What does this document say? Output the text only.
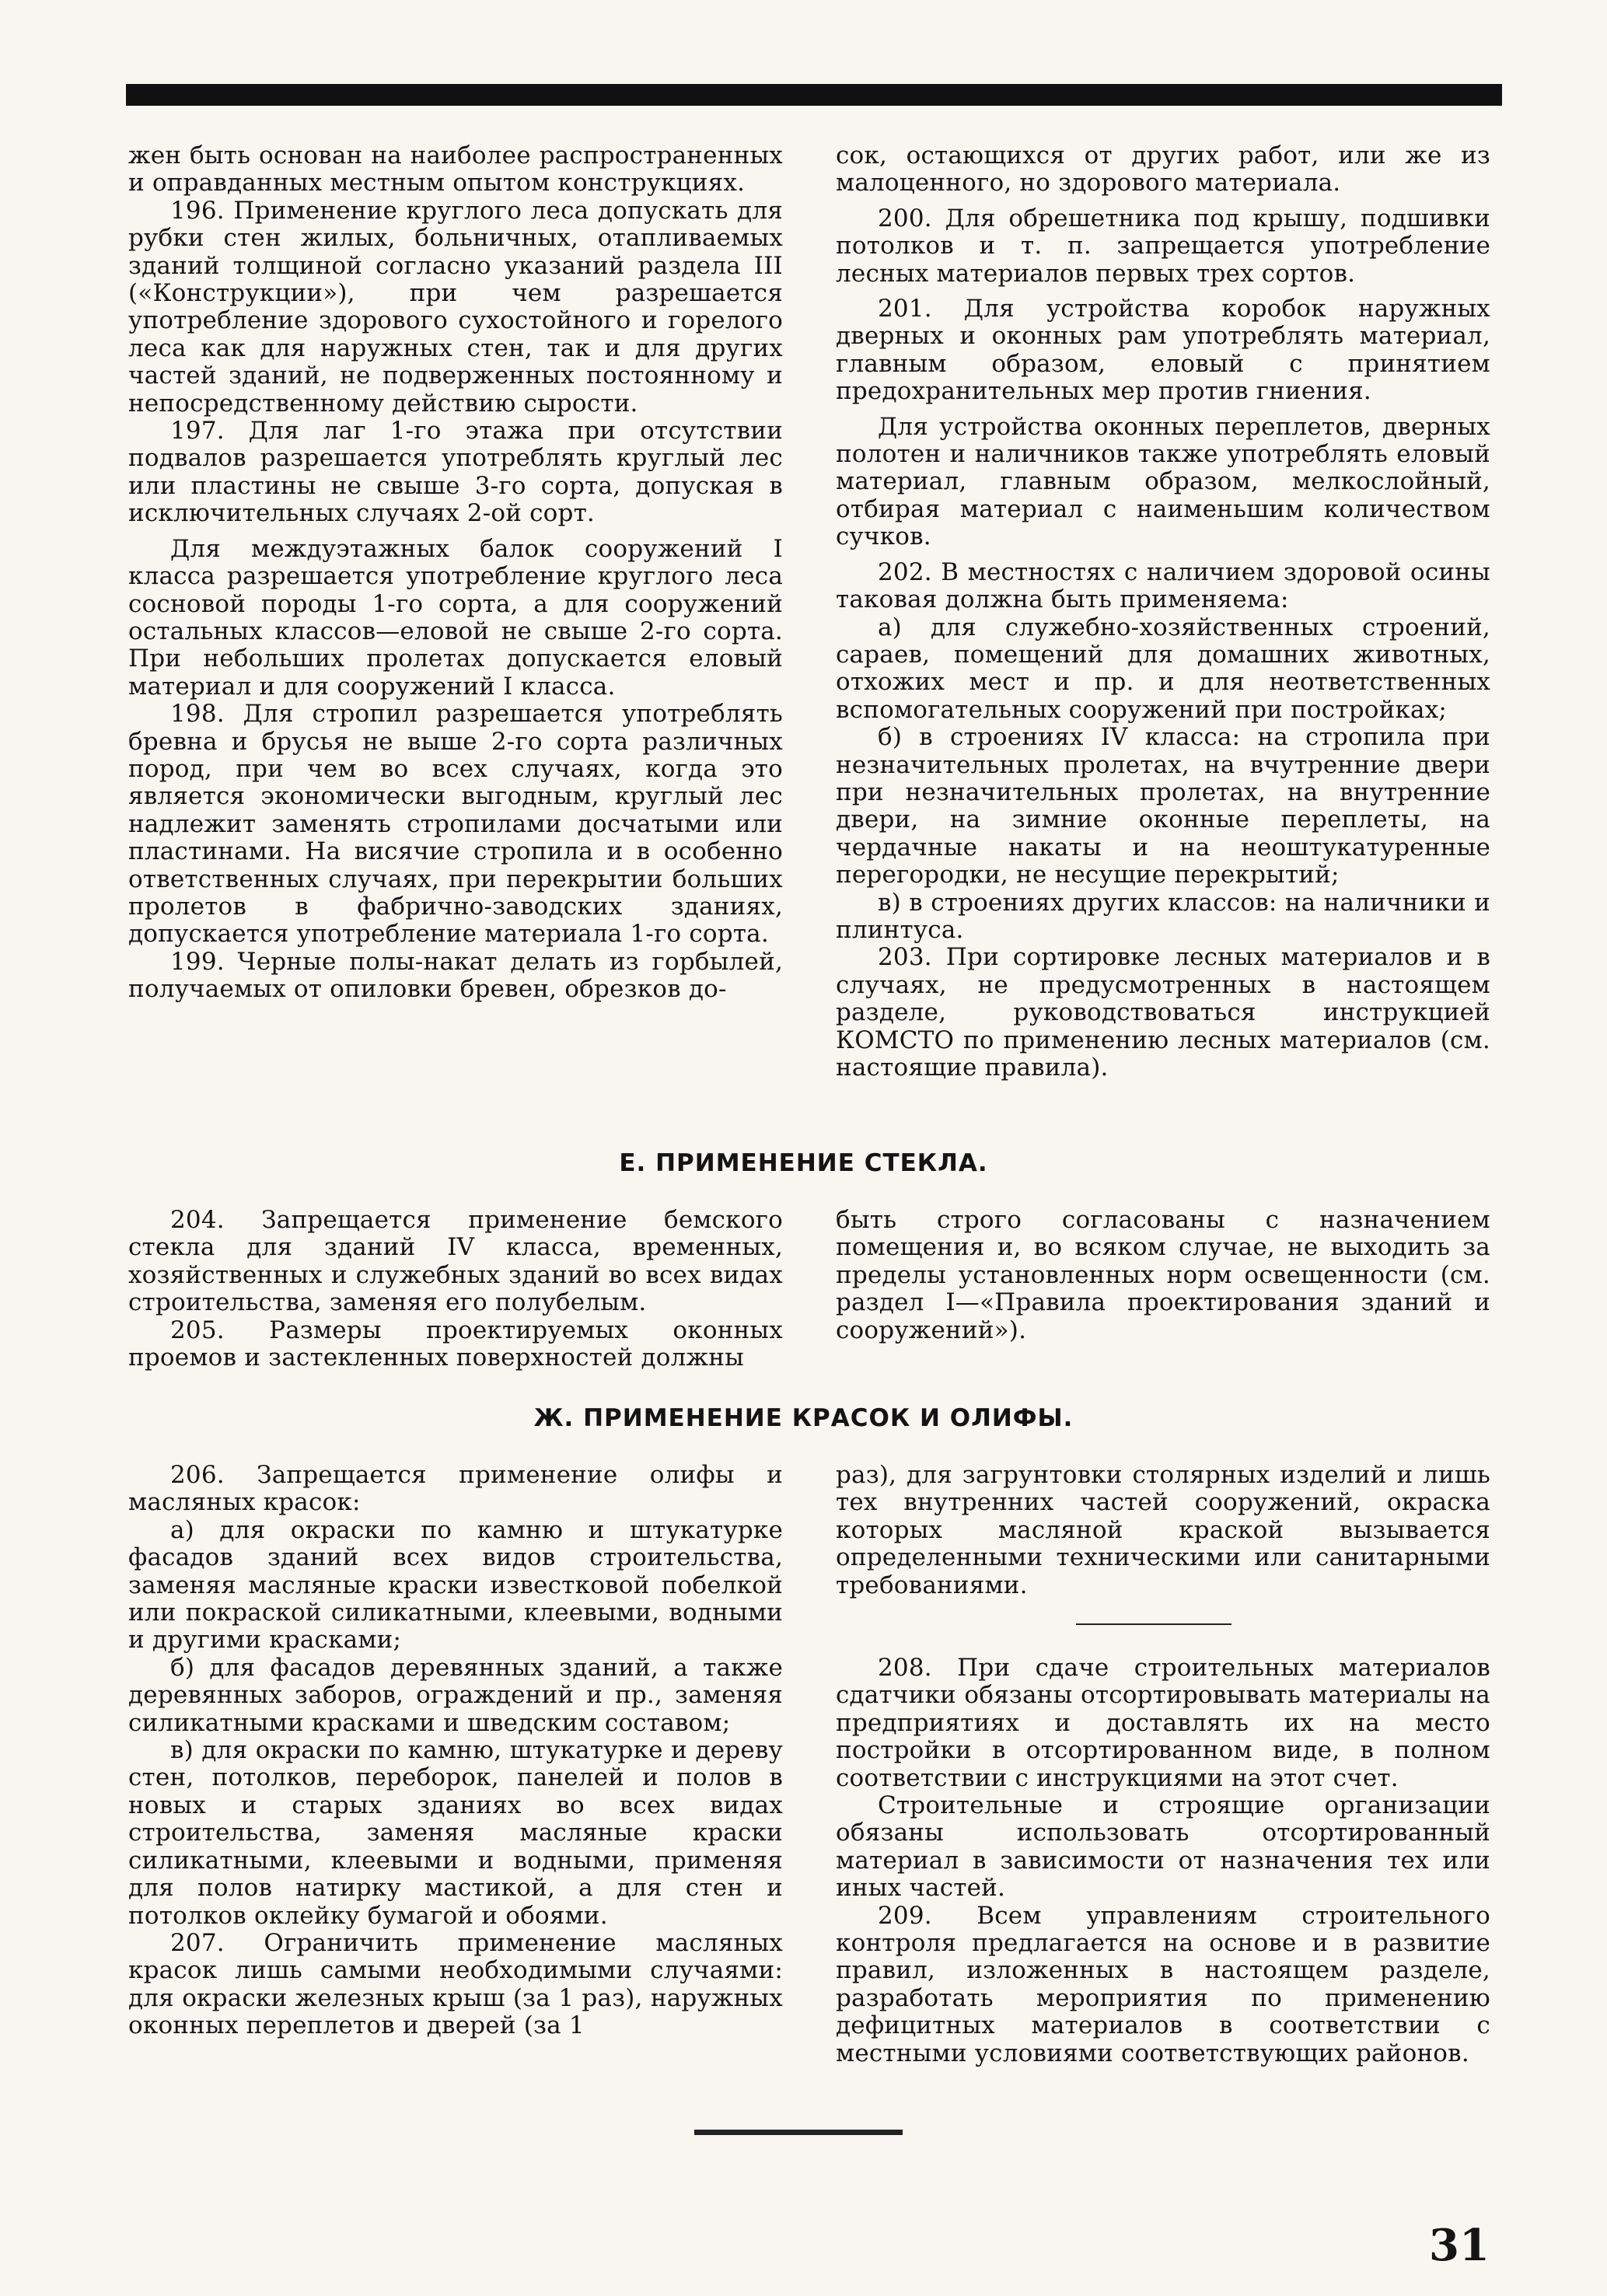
жен быть основан на наиболее распространенных и оправданных местным опытом конструкциях.

196. Применение круглого леса допускать для рубки стен жилых, больничных, отапливаемых зданий толщиной согласно указаний раздела III («Конструкции»), при чем разрешается употребление здорового сухостойного и горелого леса как для наружных стен, так и для других частей зданий, не подверженных постоянному и непосредственному действию сырости.

197. Для лаг 1-го этажа при отсутствии подвалов разрешается употреблять круглый лес или пластины не свыше 3-го сорта, допуская в исключительных случаях 2-ой сорт.

Для междуэтажных балок сооружений I класса разрешается употребление круглого леса сосновой породы 1-го сорта, а для сооружений остальных классов—еловой не свыше 2-го сорта. При небольших пролетах допускается еловый материал и для сооружений I класса.

198. Для стропил разрешается употреблять бревна и брусья не выше 2-го сорта различных пород, при чем во всех случаях, когда это является экономически выгодным, круглый лес надлежит заменять стропилами досчатыми или пластинами. На висячие стропила и в особенно ответственных случаях, при перекрытии больших пролетов в фабрично-заводских зданиях, допускается употребление материала 1-го сорта.

199. Черные полы-накат делать из горбылей, получаемых от опиловки бревен, обрезков до-

сок, остающихся от других работ, или же из малоценного, но здорового материала.

200. Для обрешетника под крышу, подшивки потолков и т. п. запрещается употребление лесных материалов первых трех сортов.

201. Для устройства коробок наружных дверных и оконных рам употреблять материал, главным образом, еловый с принятием предохранительных мер против гниения.

Для устройства оконных переплетов, дверных полотен и наличников также употреблять еловый материал, главным образом, мелкослойный, отбирая материал с наименьшим количеством сучков.

202. В местностях с наличием здоровой осины таковая должна быть применяема:

а) для служебно-хозяйственных строений, сараев, помещений для домашних животных, отхожих мест и пр. и для неответственных вспомогательных сооружений при постройках;

б) в строениях IV класса: на стропила при незначительных пролетах, на вчутренние двери при незначительных пролетах, на внутренние двери, на зимние оконные переплеты, на чердачные накаты и на неоштукатуренные перегородки, не несущие перекрытий;

в) в строениях других классов: на наличники и плинтуса.

203. При сортировке лесных материалов и в случаях, не предусмотренных в настоящем разделе, руководствоваться инструкцией КОМСТО по применению лесных материалов (см. настоящие правила).

Е. ПРИМЕНЕНИЕ СТЕКЛА.

204. Запрещается применение бемского стекла для зданий IV класса, временных, хозяйственных и служебных зданий во всех видах строительства, заменяя его полубелым.

205. Размеры проектируемых оконных проемов и застекленных поверхностей должны

быть строго согласованы с назначением помещения и, во всяком случае, не выходить за пределы установленных норм освещенности (см. раздел I—«Правила проектирования зданий и сооружений»).

Ж. ПРИМЕНЕНИЕ КРАСОК И ОЛИФЫ.

206. Запрещается применение олифы и масляных красок:

а) для окраски по камню и штукатурке фасадов зданий всех видов строительства, заменяя масляные краски известковой побелкой или покраской силикатными, клеевыми, водными и другими красками;

б) для фасадов деревянных зданий, а также деревянных заборов, ограждений и пр., заменяя силикатными красками и шведским составом;

в) для окраски по камню, штукатурке и дереву стен, потолков, переборок, панелей и полов в новых и старых зданиях во всех видах строительства, заменяя масляные краски силикатными, клеевыми и водными, применяя для полов натирку мастикой, а для стен и потолков оклейку бумагой и обоями.

207. Ограничить применение масляных красок лишь самыми необходимыми случаями: для окраски железных крыш (за 1 раз), наружных оконных переплетов и дверей (за 1

раз), для загрунтовки столярных изделий и лишь тех внутренних частей сооружений, окраска которых масляной краской вызывается определенными техническими или санитарными требованиями.

208. При сдаче строительных материалов сдатчики обязаны отсортировывать материалы на предприятиях и доставлять их на место постройки в отсортированном виде, в полном соответствии с инструкциями на этот счет.

Строительные и строящие организации обязаны использовать отсортированный материал в зависимости от назначения тех или иных частей.

209. Всем управлениям строительного контроля предлагается на основе и в развитие правил, изложенных в настоящем разделе, разработать мероприятия по применению дефицитных материалов в соответствии с местными условиями соответствующих районов.

31
